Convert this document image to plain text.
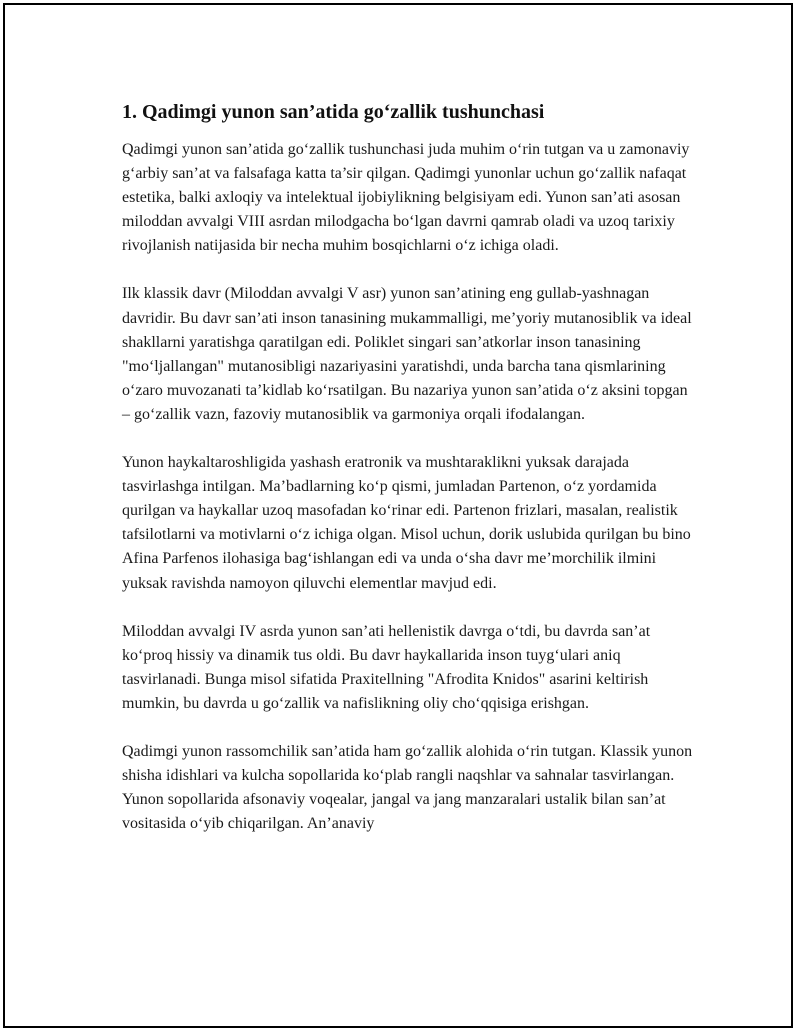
1. Qadimgi yunon san’atida go‘zallik tushunchasi

Qadimgi yunon san’atida go‘zallik tushunchasi juda muhim o‘rin tutgan va u zamonaviy g‘arbiy san’at va falsafaga katta ta’sir qilgan. Qadimgi yunonlar uchun go‘zallik nafaqat estetika, balki axloqiy va intelektual ijobiylikning belgisiyam edi. Yunon san’ati asosan miloddan avvalgi VIII asrdan milodgacha bo‘lgan davrni qamrab oladi va uzoq tarixiy rivojlanish natijasida bir necha muhim bosqichlarni o‘z ichiga oladi.

Ilk klassik davr (Miloddan avvalgi V asr) yunon san’atining eng gullab-yashnagan davridir. Bu davr san’ati inson tanasining mukammalligi, me’yoriy mutanosiblik va ideal shakllarni yaratishga qaratilgan edi. Poliklet singari san’atkorlar inson tanasining "mo‘ljallangan" mutanosibligi nazariyasini yaratishdi, unda barcha tana qismlarining o‘zaro muvozanati ta’kidlab ko‘rsatilgan. Bu nazariya yunon san’atida o‘z aksini topgan – go‘zallik vazn, fazoviy mutanosiblik va garmoniya orqali ifodalangan.

Yunon haykaltaroshligida yashash eratronik va mushtaraklikni yuksak darajada tasvirlashga intilgan. Ma’badlarning ko‘p qismi, jumladan Partenon, o‘z yordamida qurilgan va haykallar uzoq masofadan ko‘rinar edi. Partenon frizlari, masalan, realistik tafsilotlarni va motivlarni o‘z ichiga olgan. Misol uchun, dorik uslubida qurilgan bu bino Afina Parfenos ilohasiga bag‘ishlangan edi va unda o‘sha davr me’morchilik ilmini yuksak ravishda namoyon qiluvchi elementlar mavjud edi.

Miloddan avvalgi IV asrda yunon san’ati hellenistik davrga o‘tdi, bu davrda san’at ko‘proq hissiy va dinamik tus oldi. Bu davr haykallarida inson tuyg‘ulari aniq tasvirlanadi. Bunga misol sifatida Praxitellning "Afrodita Knidos" asarini keltirish mumkin, bu davrda u go‘zallik va nafislikning oliy cho‘qqisiga erishgan.

Qadimgi yunon rassomchilik san’atida ham go‘zallik alohida o‘rin tutgan. Klassik yunon shisha idishlari va kulcha sopollarida ko‘plab rangli naqshlar va sahnalar tasvirlangan. Yunon sopollarida afsonaviy voqealar, jangal va jang manzaralari ustalik bilan san’at vositasida o‘yib chiqarilgan. An’anaviy
